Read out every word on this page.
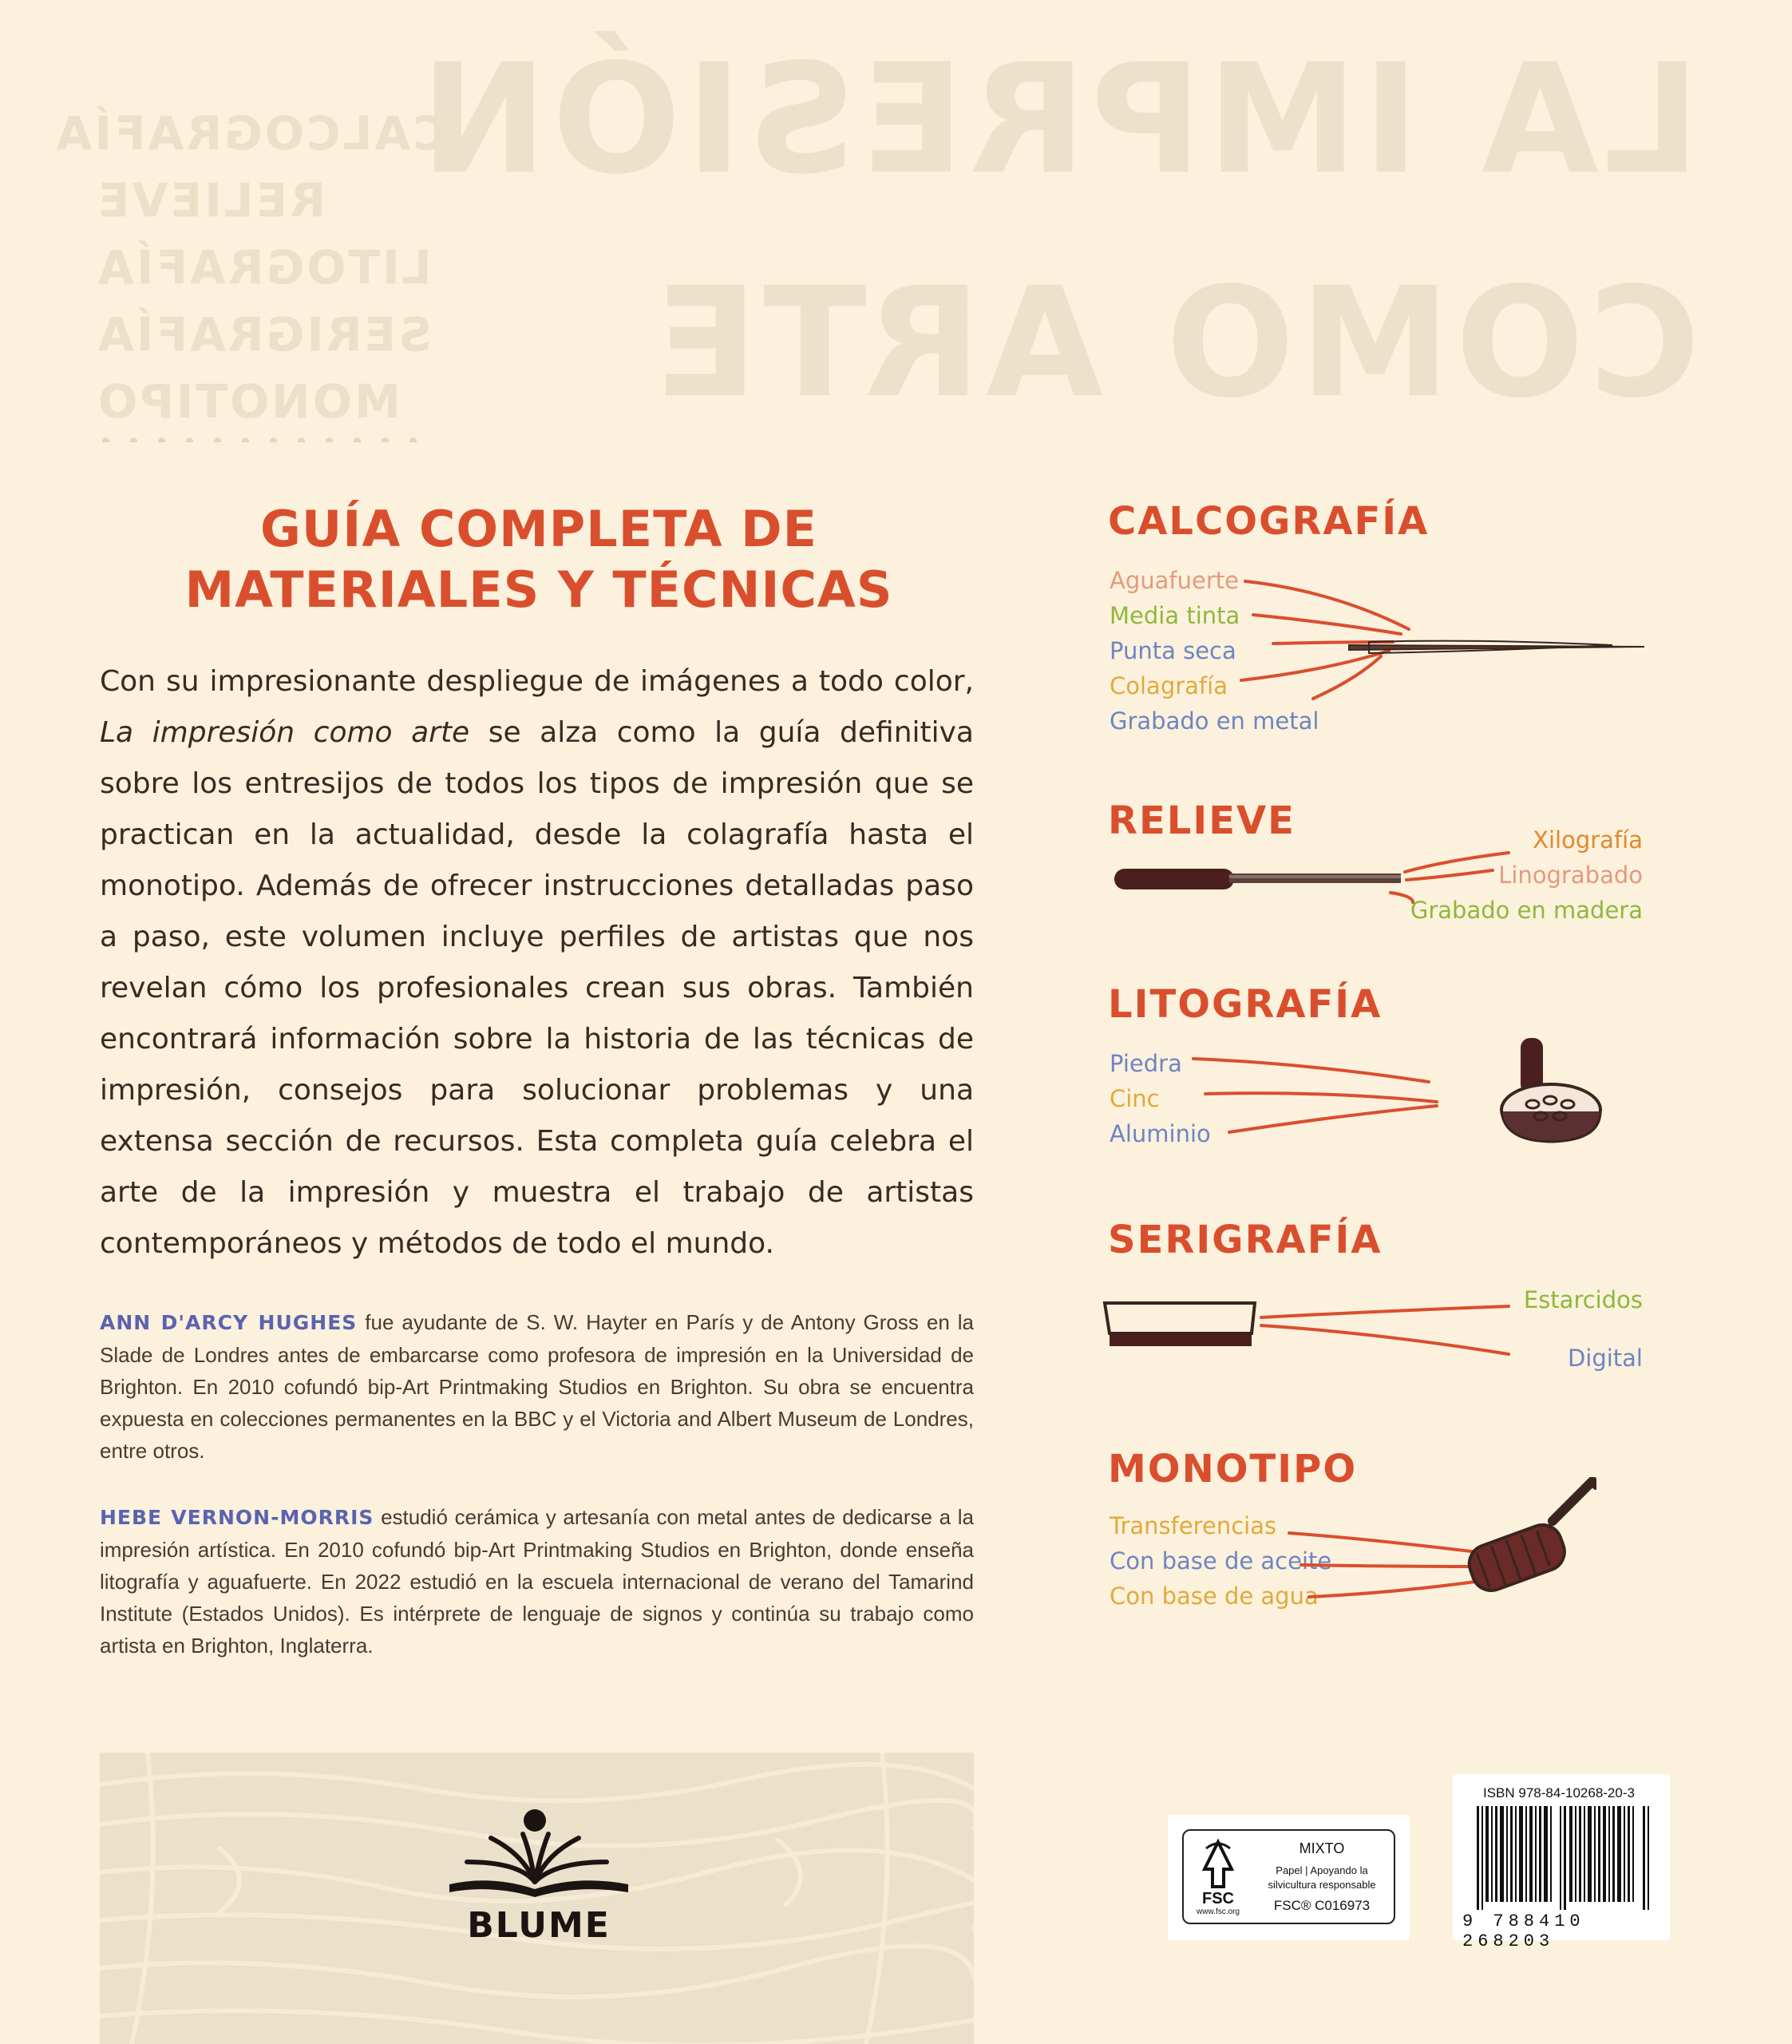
LA IMPRESIÓN
COMO ARTE
CALCOGRAFÍA
RELIEVE
LITOGRAFÍA
SERIGRAFÍA
MONOTIPO
GUÍA COMPLETA DE
MATERIALES Y TÉCNICAS
Con su impresionante despliegue de imágenes a todo color, La impresión como arte se alza como la guía definitiva sobre los entresijos de todos los tipos de impresión que se practican en la actualidad, desde la colagrafía hasta el monotipo. Además de ofrecer instrucciones detalladas paso a paso, este volumen incluye perfiles de artistas que nos revelan cómo los profesionales crean sus obras. También encontrará información sobre la historia de las técnicas de impresión, consejos para solucionar problemas y una extensa sección de recursos. Esta completa guía celebra el arte de la impresión y muestra el trabajo de artistas contemporáneos y métodos de todo el mundo.
ANN D'ARCY HUGHES fue ayudante de S. W. Hayter en París y de Antony Gross en la Slade de Londres antes de embarcarse como profesora de impresión en la Universidad de Brighton. En 2010 cofundó bip-Art Printmaking Studios en Brighton. Su obra se encuentra expuesta en colecciones permanentes en la BBC y el Victoria and Albert Museum de Londres, entre otros.
HEBE VERNON-MORRIS estudió cerámica y artesanía con metal antes de dedicarse a la impresión artística. En 2010 cofundó bip-Art Printmaking Studios en Brighton, donde enseña litografía y aguafuerte. En 2022 estudió en la escuela internacional de verano del Tamarind Institute (Estados Unidos). Es intérprete de lenguaje de signos y continúa su trabajo como artista en Brighton, Inglaterra.
CALCOGRAFÍA
Aguafuerte
Media tinta
Punta seca
Colagrafía
Grabado en metal
RELIEVE	Xilografía
Linograbado
Grabado en madera
LITOGRAFÍA
Piedra
Cinc
Aluminio
SERIGRAFÍA
Estarcidos
Digital
MONOTIPO
Transferencias
Con base de aceite
Con base de agua
BLUME
FSC
www.fsc.org
MIXTO
Papel | Apoyando la
silvicultura responsable
FSC® C016973
ISBN 978-84-10268-20-3
9 788410 268203
